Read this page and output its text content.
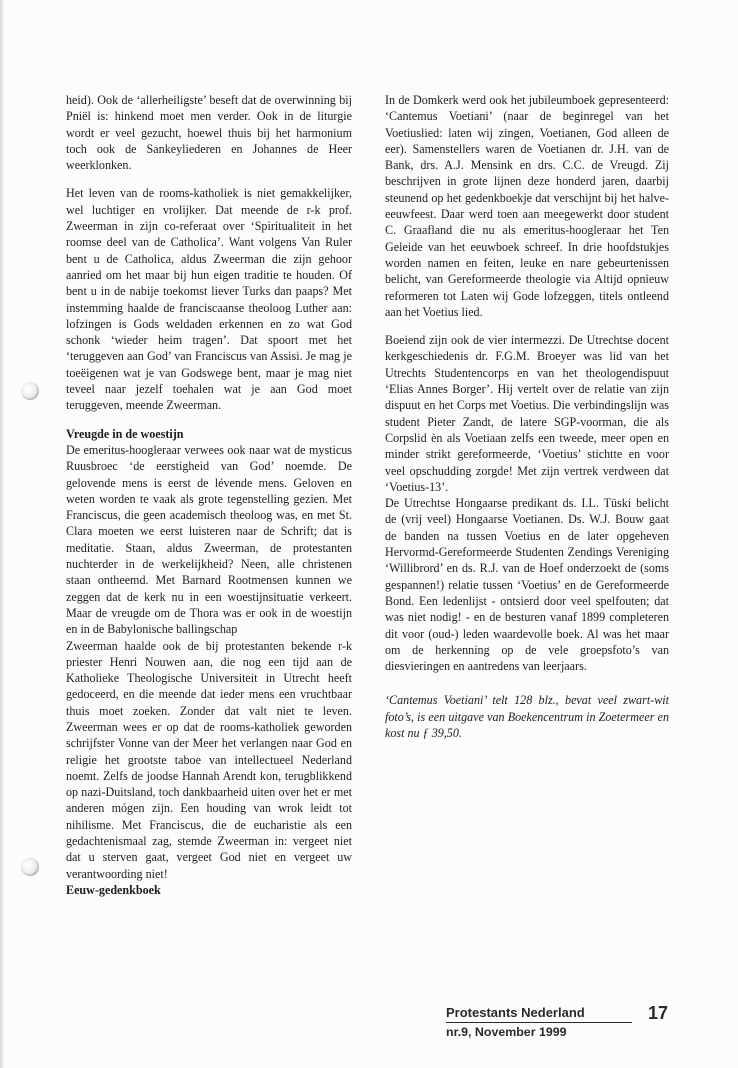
heid). Ook de ‘allerheiligste’ beseft dat de overwinning bij Pniël is: hinkend moet men verder. Ook in de liturgie wordt er veel gezucht, hoewel thuis bij het harmonium toch ook de Sankeyliederen en Johannes de Heer weerklonken.

Het leven van de rooms-katholiek is niet gemakkelijker, wel luchtiger en vrolijker. Dat meende de r-k prof. Zweerman in zijn co-referaat over ‘Spiritualiteit in het roomse deel van de Catholica’. Want volgens Van Ruler bent u de Catholica, aldus Zweerman die zijn gehoor aanried om het maar bij hun eigen traditie te houden. Of bent u in de nabije toekomst liever Turks dan paaps? Met instemming haalde de franciscaanse theoloog Luther aan: lofzingen is Gods weldaden erkennen en zo wat God schonk ‘wieder heim tragen’. Dat spoort met het ‘teruggeven aan God’ van Franciscus van Assisi. Je mag je toeëigenen wat je van Godswege bent, maar je mag niet teveel naar jezelf toehalen wat je aan God moet teruggeven, meende Zweerman.

Vreugde in de woestijn

De emeritus-hoogleraar verwees ook naar wat de mysticus Ruusbroec ‘de eerstigheid van God’ noemde. De gelovende mens is eerst de lévende mens. Geloven en weten worden te vaak als grote tegenstelling gezien. Met Franciscus, die geen academisch theoloog was, en met St. Clara moeten we eerst luisteren naar de Schrift; dat is meditatie. Staan, aldus Zweerman, de protestanten nuchterder in de werkelijkheid? Neen, alle christenen staan ontheemd. Met Barnard Rootmensen kunnen we zeggen dat de kerk nu in een woestijnsituatie verkeert. Maar de vreugde om de Thora was er ook in de woestijn en in de Babylonische ballingschap

Zweerman haalde ook de bij protestanten bekende r-k priester Henri Nouwen aan, die nog een tijd aan de Katholieke Theologische Universiteit in Utrecht heeft gedoceerd, en die meende dat ieder mens een vruchtbaar thuis moet zoeken. Zonder dat valt niet te leven. Zweerman wees er op dat de rooms-katholiek geworden schrijfster Vonne van der Meer het verlangen naar God en religie het grootste taboe van intellectueel Nederland noemt. Zelfs de joodse Hannah Arendt kon, terugblikkend op nazi-Duitsland, toch dankbaarheid uiten over het er met anderen mógen zijn. Een houding van wrok leidt tot nihilisme. Met Franciscus, die de eucharistie als een gedachtenismaal zag, stemde Zweerman in: vergeet niet dat u sterven gaat, vergeet God niet en vergeet uw verantwoording niet!

Eeuw-gedenkboek

In de Domkerk werd ook het jubileumboek gepresenteerd: ‘Cantemus Voetiani’ (naar de beginregel van het Voetiuslied: laten wij zingen, Voetianen, God alleen de eer). Samenstellers waren de Voetianen dr. J.H. van de Bank, drs. A.J. Mensink en drs. C.C. de Vreugd. Zij beschrijven in grote lijnen deze honderd jaren, daarbij steunend op het gedenkboekje dat verschijnt bij het halve-eeuwfeest. Daar werd toen aan meegewerkt door student C. Graafland die nu als emeritus-hoogleraar het Ten Geleide van het eeuwboek schreef. In drie hoofdstukjes worden namen en feiten, leuke en nare gebeurtenissen belicht, van Gereformeerde theologie via Altijd opnieuw reformeren tot Laten wij Gode lofzeggen, titels ontleend aan het Voetius lied.

Boeiend zijn ook de vier intermezzi. De Utrechtse docent kerkgeschiedenis dr. F.G.M. Broeyer was lid van het Utrechts Studentencorps en van het theologendispuut ‘Elias Annes Borger’. Hij vertelt over de relatie van zijn dispuut en het Corps met Voetius. Die verbindingslijn was student Pieter Zandt, de latere SGP-voorman, die als Corpslid èn als Voetiaan zelfs een tweede, meer open en minder strikt gereformeerde, ‘Voetius’ stichtte en voor veel opschudding zorgde! Met zijn vertrek verdween dat ‘Voetius-13’.

De Utrechtse Hongaarse predikant ds. I.L. Tüski belicht de (vrij veel) Hongaarse Voetianen. Ds. W.J. Bouw gaat de banden na tussen Voetius en de later opgeheven Hervormd-Gereformeerde Studenten Zendings Vereniging ‘Willibrord’ en ds. R.J. van de Hoef onderzoekt de (soms gespannen!) relatie tussen ‘Voetius’ en de Gereformeerde Bond. Een ledenlijst - ontsierd door veel spelfouten; dat was niet nodig! - en de besturen vanaf 1899 completeren dit voor (oud-) leden waardevolle boek. Al was het maar om de herkenning op de vele groepsfoto’s van diesvieringen en aantredens van leerjaars.

‘Cantemus Voetiani’ telt 128 blz., bevat veel zwart-wit foto’s, is een uitgave van Boekencentrum in Zoetermeer en kost nu ƒ 39,50.

Protestants Nederland
nr.9, November 1999
17
